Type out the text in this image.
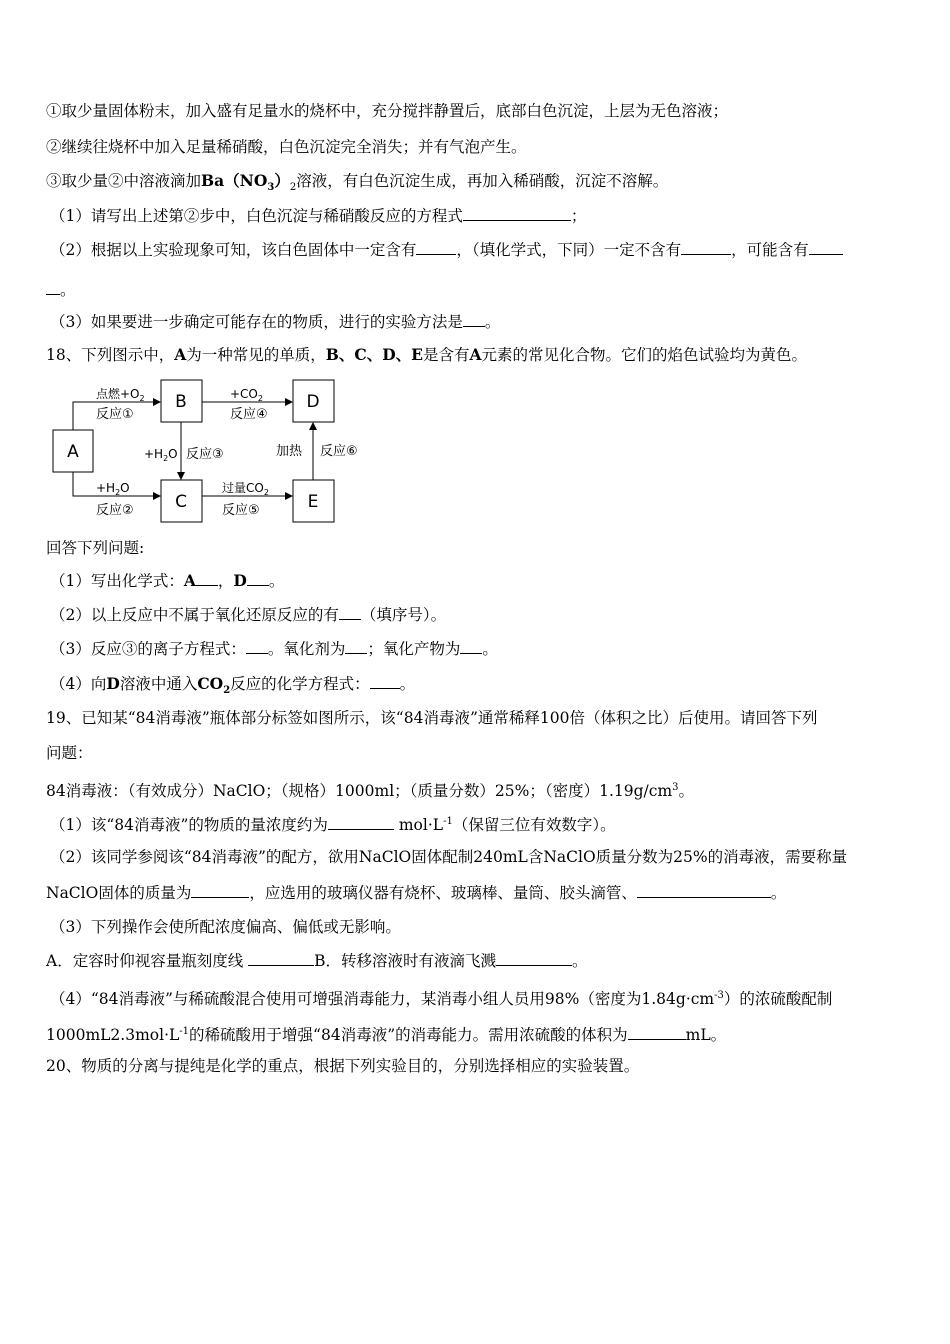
①取少量固体粉末，加入盛有足量水的烧杯中，充分搅拌静置后，底部白色沉淀，上层为无色溶液；
②继续往烧杯中加入足量稀硝酸，白色沉淀完全消失；并有气泡产生。
③取少量②中溶液滴加$Ba(NO_3)_2$溶液，有白色沉淀生成，再加入稀硝酸，沉淀不溶解。
（1）请写出上述第②步中，白色沉淀与稀硝酸反应的方程式	；
（2）根据以上实验现象可知，该白色固体中一定含有	，（填化学式，下同）一定不含有	，可能含有
。
（3）如果要进一步确定可能存在的物质，进行的实验方法是 。
18、下列图示中，A为一种常见的单质，B、C、D、E是含有A元素的常见化合物。它们的焰色试验均为黄色。
A
B
C
D
E
点燃$+O_2$
反应①
$+CO_2$
反应④
$+H_2O$ 反应③
$+H_2O$
反应②
过量$CO_2$
反应⑤
加热 反应⑥
回答下列问题:
（1）写出化学式：A ，D 。
（2）以上反应中不属于氧化还原反应的有 （填序号）。
（3）反应③的离子方程式： 。氧化剂为 ；氧化产物为 。
（4）向D溶液中通入$CO_2$反应的化学方程式： 。
19、已知某“84消毒液”瓶体部分标签如图所示，该“84消毒液”通常稀释100倍（体积之比）后使用。请回答下列
问题：
84消毒液：（有效成分）NaClO；（规格）1000ml；（质量分数）25%；（密度）$1.19g/cm^3$。
（1）该“84消毒液”的物质的量浓度约为	$mol\cdot L^{-1}$（保留三位有效数字）。
（2）该同学参阅该“84消毒液”的配方，欲用NaClO固体配制240mL含NaClO质量分数为25%的消毒液，需要称量
NaClO固体的质量为	，应选用的玻璃仪器有烧杯、玻璃棒、量筒、胶头滴管、	。
（3）下列操作会使所配浓度偏高、偏低或无影响。
A．定容时仰视容量瓶刻度线	B．转移溶液时有液滴飞溅	。
（4）“84消毒液”与稀硫酸混合使用可增强消毒能力，某消毒小组人员用98%（密度为$1.84g\cdot cm^{-3}$）的浓硫酸配制
$1000mL2.3mol\cdot L^{-1}$的稀硫酸用于增强“84消毒液”的消毒能力。需用浓硫酸的体积为	mL。
20、物质的分离与提纯是化学的重点，根据下列实验目的，分别选择相应的实验装置。
